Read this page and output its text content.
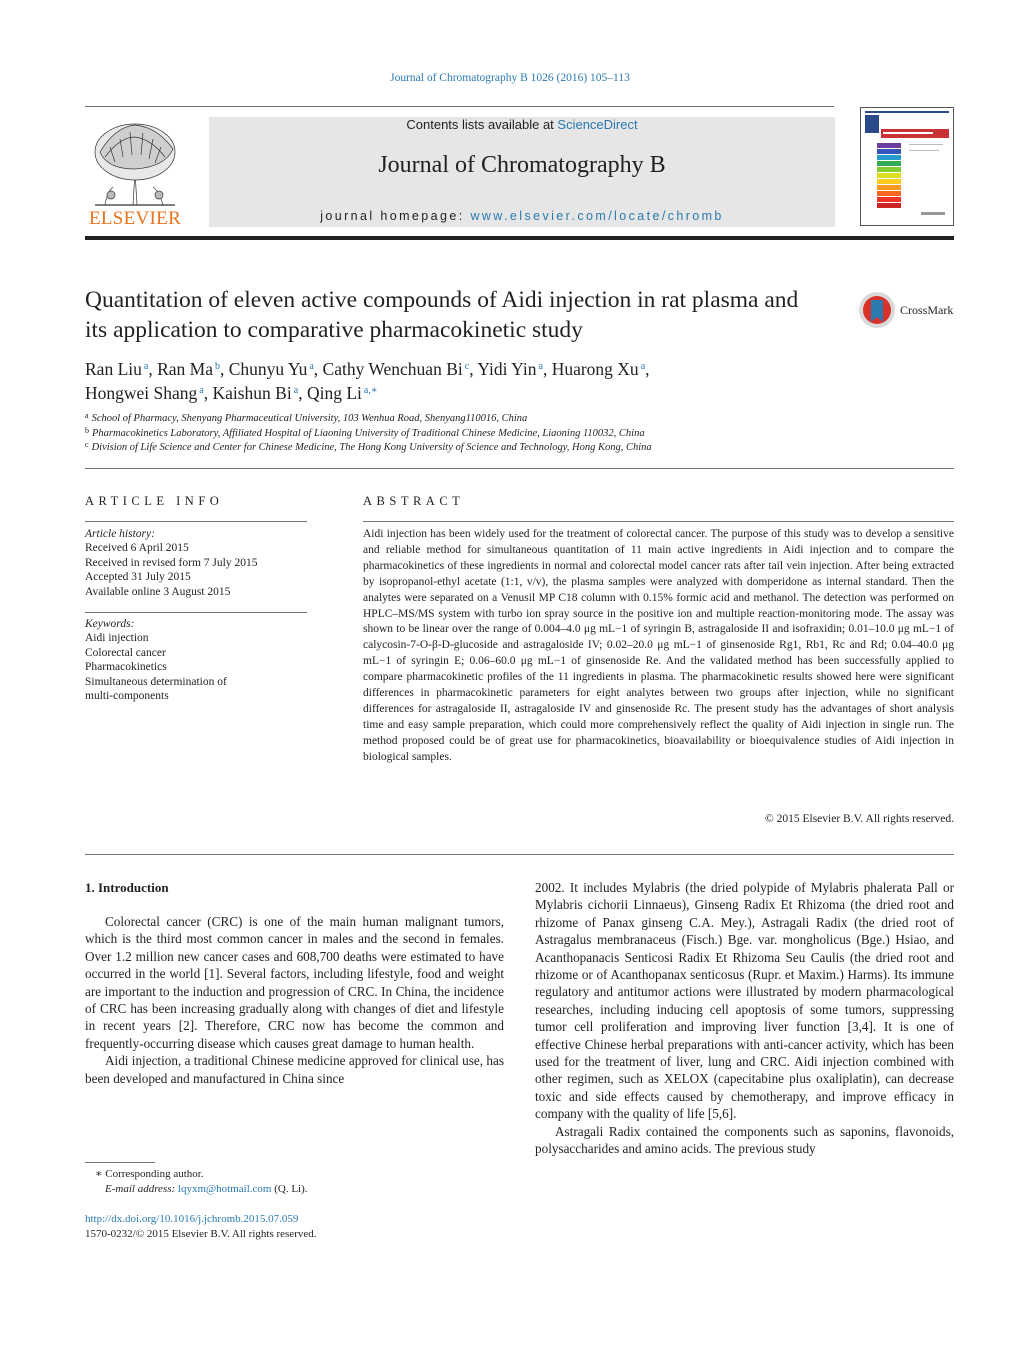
Journal of Chromatography B 1026 (2016) 105–113
ELSEVIER
Contents lists available at ScienceDirect
Journal of Chromatography B
journal homepage: www.elsevier.com/locate/chromb
Quantitation of eleven active compounds of Aidi injection in rat plasma and its application to comparative pharmacokinetic study
CrossMark
Ran Liu $^a$, Ran Ma $^b$, Chunyu Yu $^a$, Cathy Wenchuan Bi $^c$, Yidi Yin $^a$, Huarong Xu $^a$,
Hongwei Shang $^a$, Kaishun Bi $^a$, Qing Li $^{a,∗}$
$^a$ School of Pharmacy, Shenyang Pharmaceutical University, 103 Wenhua Road, Shenyang110016, China
$^b$ Pharmacokinetics Laboratory, Affiliated Hospital of Liaoning University of Traditional Chinese Medicine, Liaoning 110032, China
$^c$ Division of Life Science and Center for Chinese Medicine, The Hong Kong University of Science and Technology, Hong Kong, China
ARTICLE INFO	ABSTRACT
Article history:
Received 6 April 2015
Received in revised form 7 July 2015
Accepted 31 July 2015
Available online 3 August 2015
Keywords:
Aidi injection
Colorectal cancer
Pharmacokinetics
Simultaneous determination of
multi-components
Aidi injection has been widely used for the treatment of colorectal cancer. The purpose of this study was to develop a sensitive and reliable method for simultaneous quantitation of 11 main active ingredients in Aidi injection and to compare the pharmacokinetics of these ingredients in normal and colorectal model cancer rats after tail vein injection. After being extracted by isopropanol-ethyl acetate (1:1, v/v), the plasma samples were analyzed with domperidone as internal standard. Then the analytes were separated on a Venusil MP C18 column with 0.15% formic acid and methanol. The detection was performed on HPLC–MS/MS system with turbo ion spray source in the positive ion and multiple reaction-monitoring mode. The assay was shown to be linear over the range of 0.004–4.0 μg mL−1 of syringin B, astragaloside II and isofraxidin; 0.01–10.0 μg mL−1 of calycosin-7-O-β-D-glucoside and astragaloside IV; 0.02–20.0 μg mL−1 of ginsenoside Rg1, Rb1, Rc and Rd; 0.04–40.0 μg mL−1 of syringin E; 0.06–60.0 μg mL−1 of ginsenoside Re. And the validated method has been successfully applied to compare pharmacokinetic profiles of the 11 ingredients in plasma. The pharmacokinetic results showed here were significant differences in pharmacokinetic parameters for eight analytes between two groups after injection, while no significant differences for astragaloside II, astragaloside IV and ginsenoside Rc. The present study has the advantages of short analysis time and easy sample preparation, which could more comprehensively reflect the quality of Aidi injection in single run. The method proposed could be of great use for pharmacokinetics, bioavailability or bioequivalence studies of Aidi injection in biological samples.
© 2015 Elsevier B.V. All rights reserved.
1. Introduction

Colorectal cancer (CRC) is one of the main human malignant tumors, which is the third most common cancer in males and the second in females. Over 1.2 million new cancer cases and 608,700 deaths were estimated to have occurred in the world [1]. Several factors, including lifestyle, food and weight are important to the induction and progression of CRC. In China, the incidence of CRC has been increasing gradually along with changes of diet and lifestyle in recent years [2]. Therefore, CRC now has become the common and frequently-occurring disease which causes great damage to human health.

Aidi injection, a traditional Chinese medicine approved for clinical use, has been developed and manufactured in China since

2002. It includes Mylabris (the dried polypide of Mylabris phalerata Pall or Mylabris cichorii Linnaeus), Ginseng Radix Et Rhizoma (the dried root and rhizome of Panax ginseng C.A. Mey.), Astragali Radix (the dried root of Astragalus membranaceus (Fisch.) Bge. var. mongholicus (Bge.) Hsiao, and Acanthopanacis Senticosi Radix Et Rhizoma Seu Caulis (the dried root and rhizome or of Acanthopanax senticosus (Rupr. et Maxim.) Harms). Its immune regulatory and antitumor actions were illustrated by modern pharmacological researches, including inducing cell apoptosis of some tumors, suppressing tumor cell proliferation and improving liver function [3,4]. It is one of effective Chinese herbal preparations with anti-cancer activity, which has been used for the treatment of liver, lung and CRC. Aidi injection combined with other regimen, such as XELOX (capecitabine plus oxaliplatin), can decrease toxic and side effects caused by chemotherapy, and improve efficacy in company with the quality of life [5,6].

Astragali Radix contained the components such as saponins, flavonoids, polysaccharides and amino acids. The previous study

∗ Corresponding author.
E-mail address: lqyxm@hotmail.com (Q. Li).
http://dx.doi.org/10.1016/j.jchromb.2015.07.059
1570-0232/© 2015 Elsevier B.V. All rights reserved.
